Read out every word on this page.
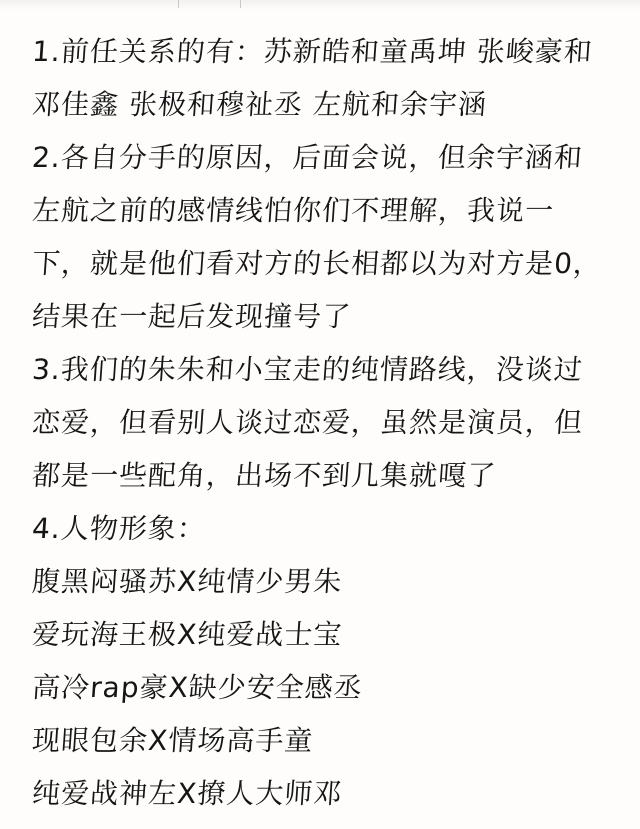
1.前任关系的有：苏新皓和童禹坤 张峻豪和
邓佳鑫 张极和穆祉丞 左航和余宇涵
2.各自分手的原因，后面会说，但余宇涵和
左航之前的感情线怕你们不理解，我说一
下，就是他们看对方的长相都以为对方是0，
结果在一起后发现撞号了
3.我们的朱朱和小宝走的纯情路线，没谈过
恋爱，但看别人谈过恋爱，虽然是演员，但
都是一些配角，出场不到几集就嘎了
4.人物形象：
腹黑闷骚苏X纯情少男朱
爱玩海王极X纯爱战士宝
高冷rap豪X缺少安全感丞
现眼包余X情场高手童
纯爱战神左X撩人大师邓
